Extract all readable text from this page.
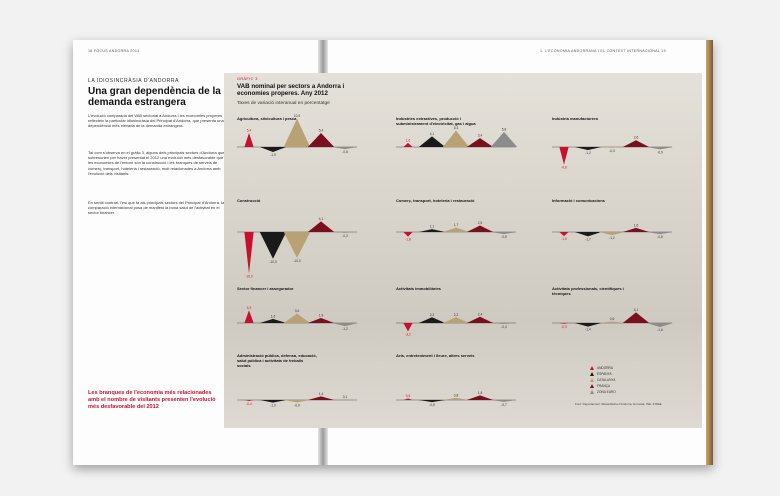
18 FOCUS ANDORRA 2014	1. L'ECONOMIA ANDORRANA I EL CONTEXT INTERNACIONAL 19
LA IDIOSINCRÀSIA D'ANDORRA
Una gran dependència de la demanda estrangera
L'evolució comparada del VAB sectorial a Andorra i les economies properes reflecteix la particular idiosincràsia del Principat d'Andorra, que presenta una dependència més elevada de la demanda estrangera.
Tal com s'observa en el gràfic 3, alguns dels principals sectors d'Andorra que sobresurten per haver presentat el 2012 una evolució més desfavorable que les economies de l'entorn són la construcció i les branques de serveis de comerç, transport, hoteleria i restauració, molt relacionades a Andorra amb l'evolució dels visitants.
En sentit contrari, l'esl que fa als principals sectors del Principat d'Andorra, la comparació internacional posa de manifest la bona salut de l'activitat en el sector financer.
Les branques de l'economia més relacionades amb el nombre de visitants presenten l'evolució més desfavorable del 2012
GRÀFIC 3
VAB nominal per sectors a Andorra i economies properes. Any 2012
Taxes de variació interanual en percentatge
Agricultura, silvicultura i pesca
5,4
-1,9
10,9
5,4
-0,8
Indústries extractives, producció i
subministrament d'electricitat, gas i aigua
1,6
4,1
6,3
3,4
5,8
Indústria manufacturera
-6,8
-1,2
-0,3
2,6
-0,9
Construcció
-16,0
-10,3	-10,0
4,1
-0,3
Comerç, transport, hoteleria i restauració
-1,8
1,1	1,7
2,5
-0,8
Informació i comunicacions
-1,6	-1,7	-1,2
1,6
-0,8
Sector financer i assegurador
4,9
1,6
3,6
1,9
-1,2
Activitats immobiliàries
-3,2
2,2	2,2	2,4
-0,4
Activitats professionals, científiques i
tècniques
-0,3
-1,4
0,6
4,1
-1,6
Administració pública, defensa, educació,
salut pública i activitats de treballs
socials
-0,4	-1,0	-0,9
1,4
0,1
Arts, entreteniment i lleure, altres serveis
0,6
-0,8
0,8
1,8
-0,7
ANDORRA
ESPANYA
CATALUNYA
FRANÇA
ZONA EURO
Font: Departament d'Estadística d'Andorra, Eurostat, INE, INSEE.
